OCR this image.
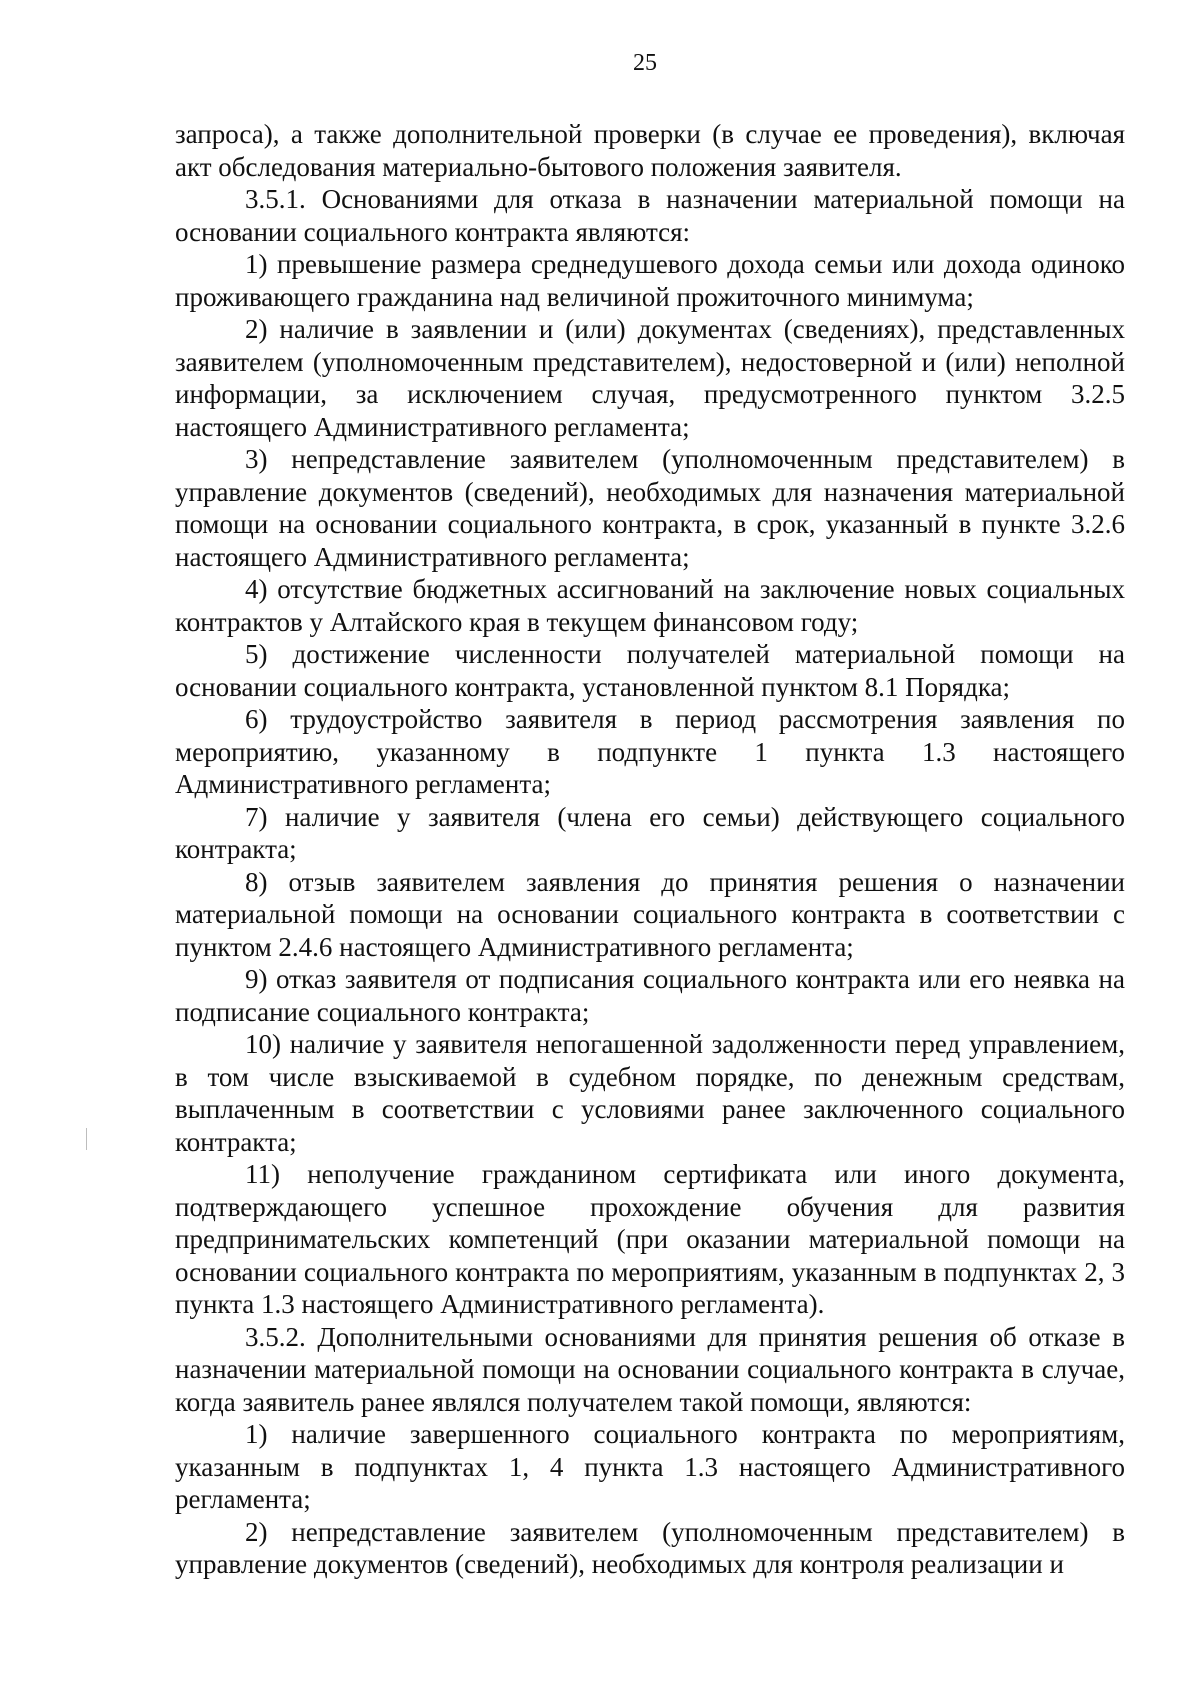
25

запроса), а также дополнительной проверки (в случае ее проведения), включая акт обследования материально-бытового положения заявителя.

3.5.1. Основаниями для отказа в назначении материальной помощи на основании социального контракта являются:

1) превышение размера среднедушевого дохода семьи или дохода одиноко проживающего гражданина над величиной прожиточного минимума;

2) наличие в заявлении и (или) документах (сведениях), представленных заявителем (уполномоченным представителем), недостоверной и (или) неполной информации, за исключением случая, предусмотренного пунктом 3.2.5 настоящего Административного регламента;

3) непредставление заявителем (уполномоченным представителем) в управление документов (сведений), необходимых для назначения материальной помощи на основании социального контракта, в срок, указанный в пункте 3.2.6 настоящего Административного регламента;

4) отсутствие бюджетных ассигнований на заключение новых социальных контрактов у Алтайского края в текущем финансовом году;

5) достижение численности получателей материальной помощи на основании социального контракта, установленной пунктом 8.1 Порядка;

6) трудоустройство заявителя в период рассмотрения заявления по мероприятию, указанному в подпункте 1 пункта 1.3 настоящего Административного регламента;

7) наличие у заявителя (члена его семьи) действующего социального контракта;

8) отзыв заявителем заявления до принятия решения о назначении материальной помощи на основании социального контракта в соответствии с пунктом 2.4.6 настоящего Административного регламента;

9) отказ заявителя от подписания социального контракта или его неявка на подписание социального контракта;

10) наличие у заявителя непогашенной задолженности перед управлением, в том числе взыскиваемой в судебном порядке, по денежным средствам, выплаченным в соответствии с условиями ранее заключенного социального контракта;

11) неполучение гражданином сертификата или иного документа, подтверждающего успешное прохождение обучения для развития предпринимательских компетенций (при оказании материальной помощи на основании социального контракта по мероприятиям, указанным в подпунктах 2, 3 пункта 1.3 настоящего Административного регламента).

3.5.2. Дополнительными основаниями для принятия решения об отказе в назначении материальной помощи на основании социального контракта в случае, когда заявитель ранее являлся получателем такой помощи, являются:

1) наличие завершенного социального контракта по мероприятиям, указанным в подпунктах 1, 4 пункта 1.3 настоящего Административного регламента;

2) непредставление заявителем (уполномоченным представителем) в управление документов (сведений), необходимых для контроля реализации и
